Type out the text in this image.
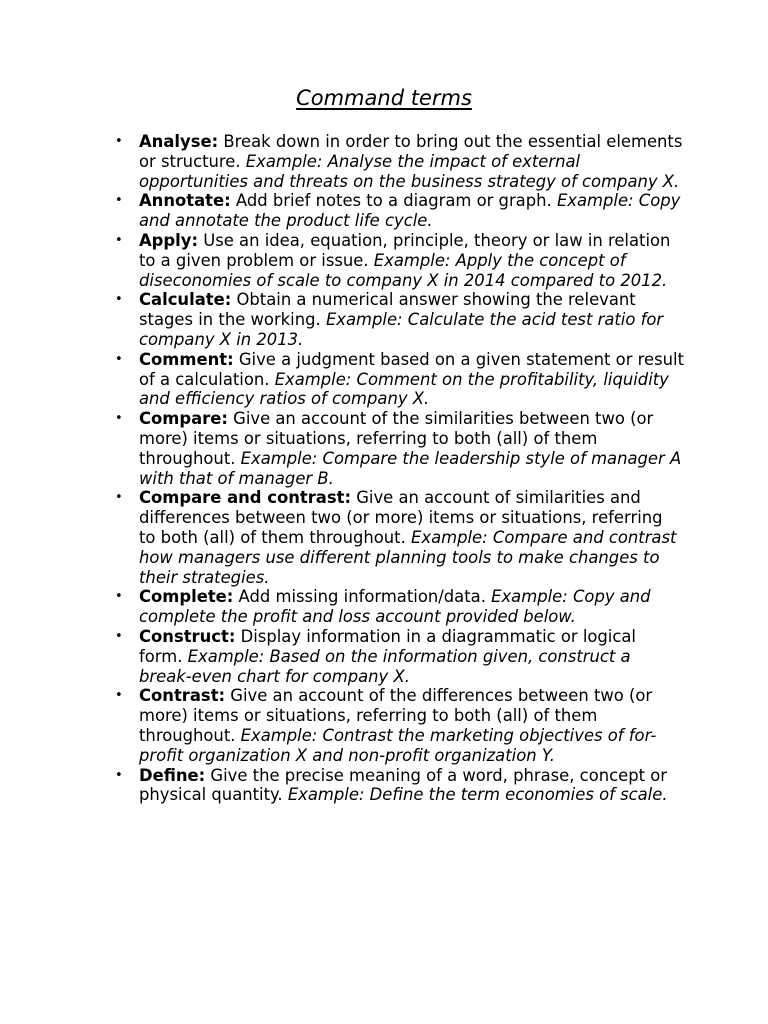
Command terms
• Analyse: Break down in order to bring out the essential elements or structure. Example: Analyse the impact of external opportunities and threats on the business strategy of company X.
• Annotate: Add brief notes to a diagram or graph. Example: Copy and annotate the product life cycle.
• Apply: Use an idea, equation, principle, theory or law in relation to a given problem or issue. Example: Apply the concept of diseconomies of scale to company X in 2014 compared to 2012.
• Calculate: Obtain a numerical answer showing the relevant stages in the working. Example: Calculate the acid test ratio for company X in 2013.
• Comment: Give a judgment based on a given statement or result of a calculation. Example: Comment on the profitability, liquidity and efficiency ratios of company X.
• Compare: Give an account of the similarities between two (or more) items or situations, referring to both (all) of them throughout. Example: Compare the leadership style of manager A with that of manager B.
• Compare and contrast: Give an account of similarities and differences between two (or more) items or situations, referring to both (all) of them throughout. Example: Compare and contrast how managers use different planning tools to make changes to their strategies.
• Complete: Add missing information/data. Example: Copy and complete the profit and loss account provided below.
• Construct: Display information in a diagrammatic or logical form. Example: Based on the information given, construct a break-even chart for company X.
• Contrast: Give an account of the differences between two (or more) items or situations, referring to both (all) of them throughout. Example: Contrast the marketing objectives of for-profit organization X and non-profit organization Y.
• Define: Give the precise meaning of a word, phrase, concept or physical quantity. Example: Define the term economies of scale.
